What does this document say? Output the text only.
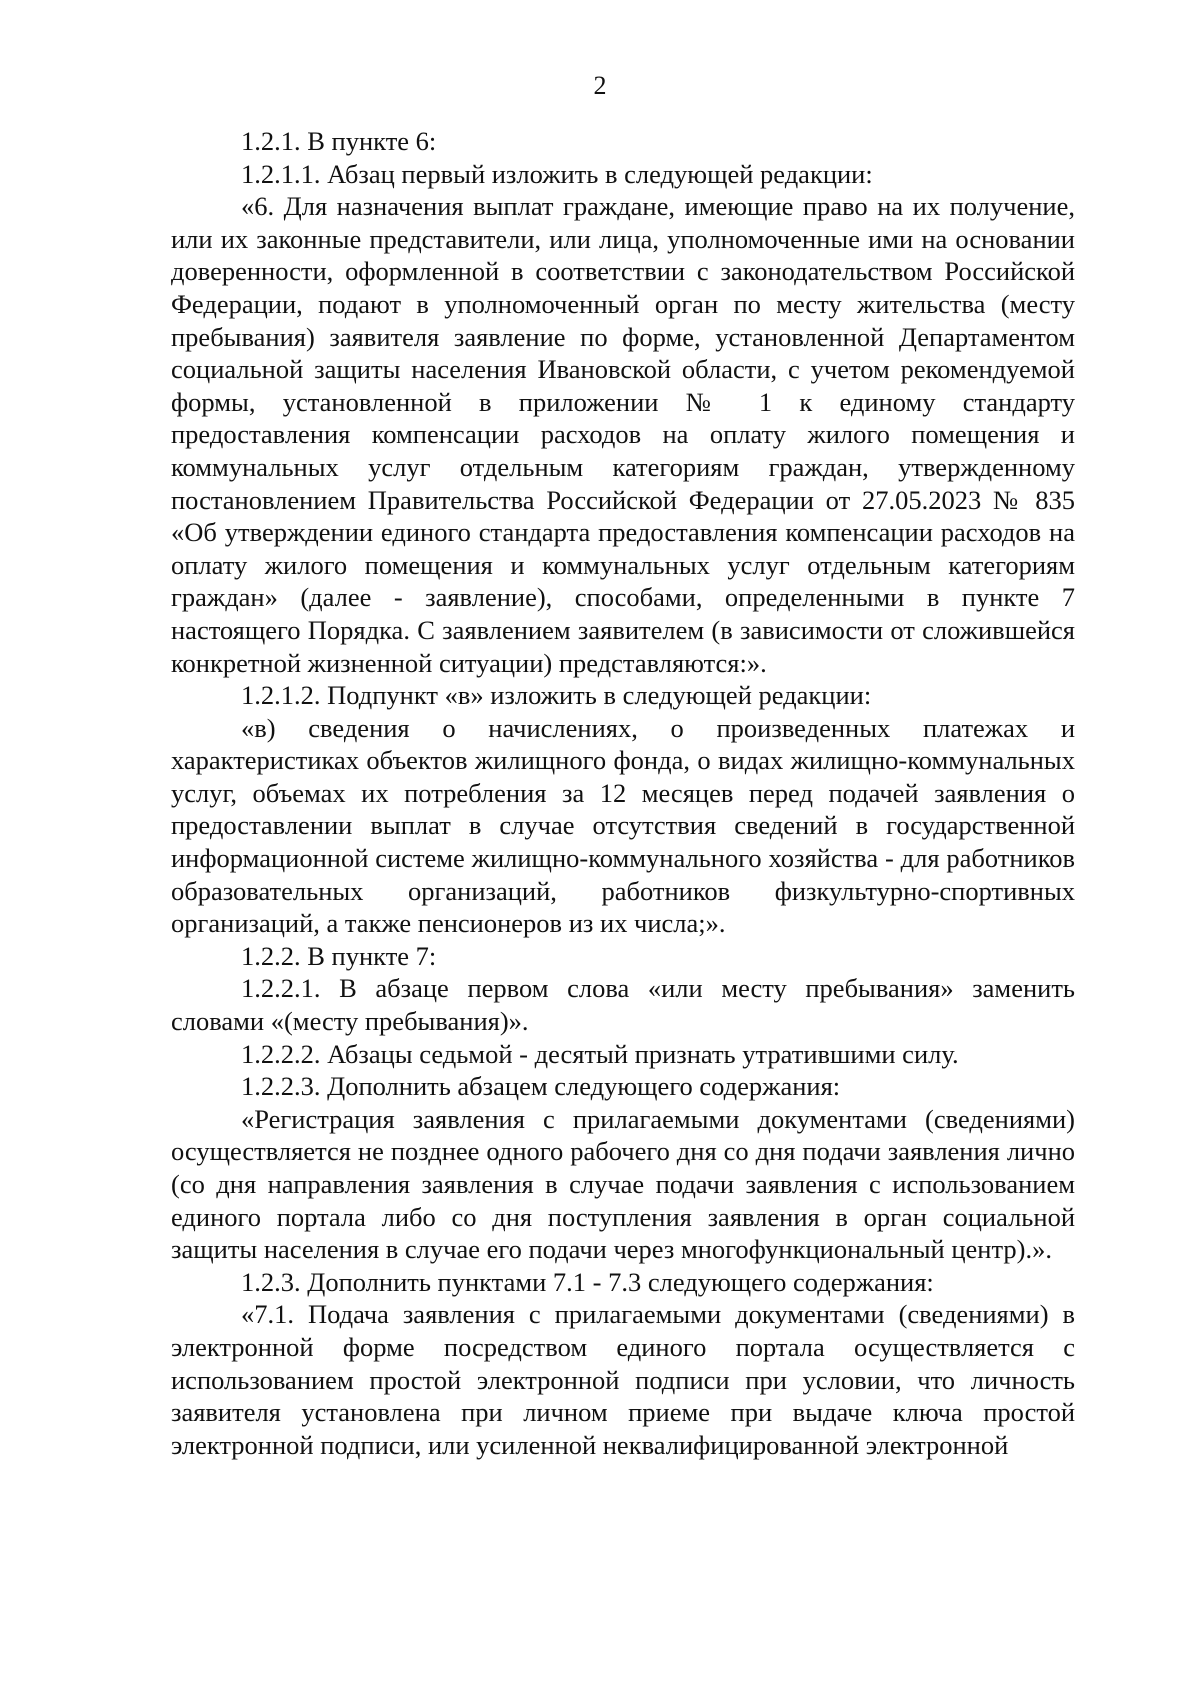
2

1.2.1. В пункте 6:

1.2.1.1. Абзац первый изложить в следующей редакции:

«6. Для назначения выплат граждане, имеющие право на их получение, или их законные представители, или лица, уполномоченные ими на основании доверенности, оформленной в соответствии с законодательством Российской Федерации, подают в уполномоченный орган по месту жительства (месту пребывания) заявителя заявление по форме, установленной Департаментом социальной защиты населения Ивановской области, с учетом рекомендуемой формы, установленной в приложении № 1 к единому стандарту предоставления компенсации расходов на оплату жилого помещения и коммунальных услуг отдельным категориям граждан, утвержденному постановлением Правительства Российской Федерации от 27.05.2023 № 835 «Об утверждении единого стандарта предоставления компенсации расходов на оплату жилого помещения и коммунальных услуг отдельным категориям граждан» (далее - заявление), способами, определенными в пункте 7 настоящего Порядка. С заявлением заявителем (в зависимости от сложившейся конкретной жизненной ситуации) представляются:».

1.2.1.2. Подпункт «в» изложить в следующей редакции:

«в) сведения о начислениях, о произведенных платежах и характеристиках объектов жилищного фонда, о видах жилищно-коммунальных услуг, объемах их потребления за 12 месяцев перед подачей заявления о предоставлении выплат в случае отсутствия сведений в государственной информационной системе жилищно-коммунального хозяйства - для работников образовательных организаций, работников физкультурно-спортивных организаций, а также пенсионеров из их числа;».

1.2.2. В пункте 7:

1.2.2.1. В абзаце первом слова «или месту пребывания» заменить словами «(месту пребывания)».

1.2.2.2. Абзацы седьмой - десятый признать утратившими силу.

1.2.2.3. Дополнить абзацем следующего содержания:

«Регистрация заявления с прилагаемыми документами (сведениями) осуществляется не позднее одного рабочего дня со дня подачи заявления лично (со дня направления заявления в случае подачи заявления с использованием единого портала либо со дня поступления заявления в орган социальной защиты населения в случае его подачи через многофункциональный центр).».

1.2.3. Дополнить пунктами 7.1 - 7.3 следующего содержания:

«7.1. Подача заявления с прилагаемыми документами (сведениями) в электронной форме посредством единого портала осуществляется с использованием простой электронной подписи при условии, что личность заявителя установлена при личном приеме при выдаче ключа простой электронной подписи, или усиленной неквалифицированной электронной
